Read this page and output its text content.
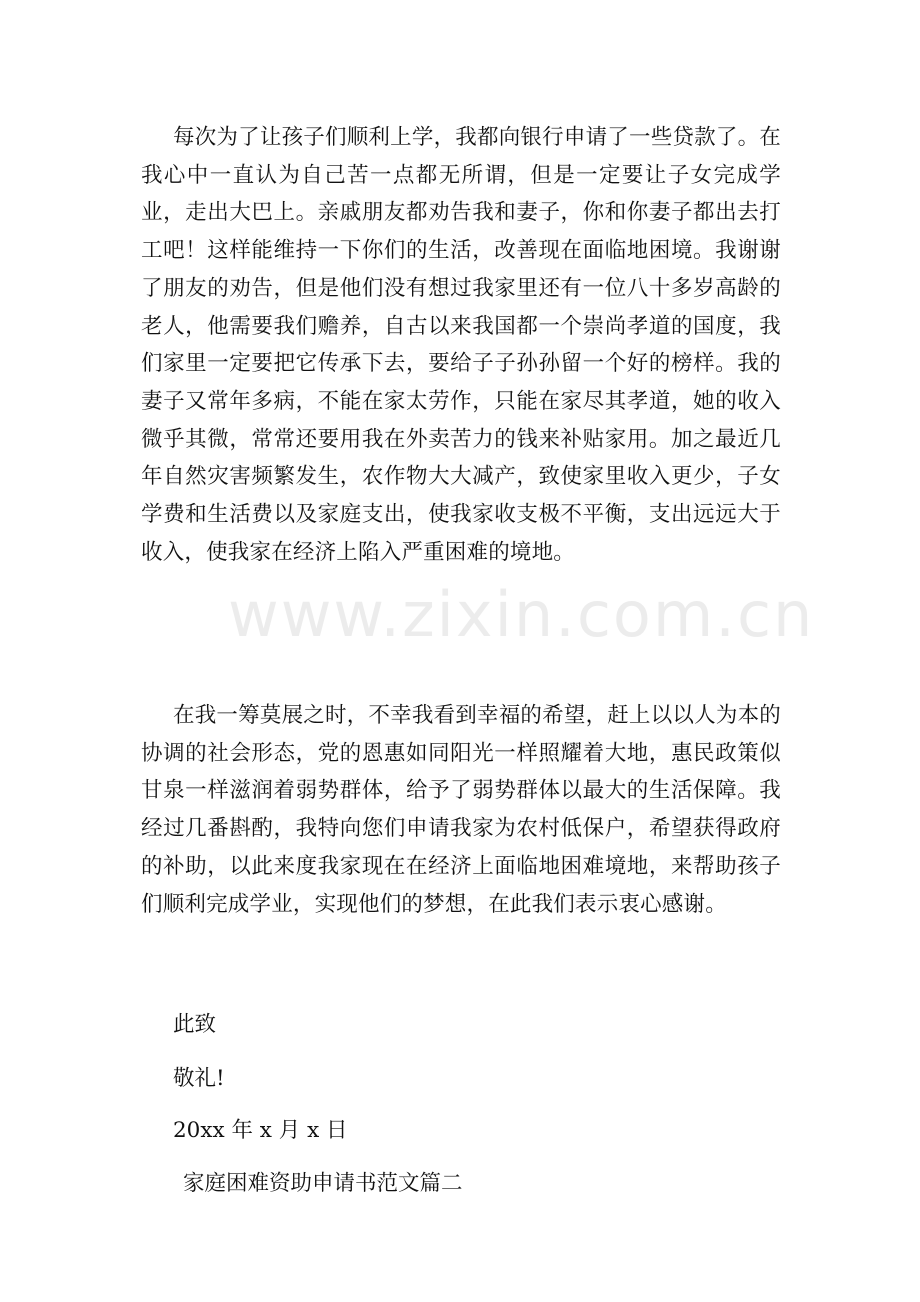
www.zixin.com.cn

每次为了让孩子们顺利上学，我都向银行申请了一些贷款了。在我心中一直认为自己苦一点都无所谓，但是一定要让子女完成学业，走出大巴上。亲戚朋友都劝告我和妻子，你和你妻子都出去打工吧！这样能维持一下你们的生活，改善现在面临地困境。我谢谢了朋友的劝告，但是他们没有想过我家里还有一位八十多岁高龄的老人，他需要我们赡养，自古以来我国都一个崇尚孝道的国度，我们家里一定要把它传承下去，要给子子孙孙留一个好的榜样。我的妻子又常年多病，不能在家太劳作，只能在家尽其孝道，她的收入微乎其微，常常还要用我在外卖苦力的钱来补贴家用。加之最近几年自然灾害频繁发生，农作物大大减产，致使家里收入更少，子女学费和生活费以及家庭支出，使我家收支极不平衡，支出远远大于收入，使我家在经济上陷入严重困难的境地。

在我一筹莫展之时，不幸我看到幸福的希望，赶上以以人为本的协调的社会形态，党的恩惠如同阳光一样照耀着大地，惠民政策似甘泉一样滋润着弱势群体，给予了弱势群体以最大的生活保障。我经过几番斟酌，我特向您们申请我家为农村低保户，希望获得政府的补助，以此来度我家现在在经济上面临地困难境地，来帮助孩子们顺利完成学业，实现他们的梦想，在此我们表示衷心感谢。

此致

敬礼!

20xx 年 x 月 x 日

家庭困难资助申请书范文篇二
